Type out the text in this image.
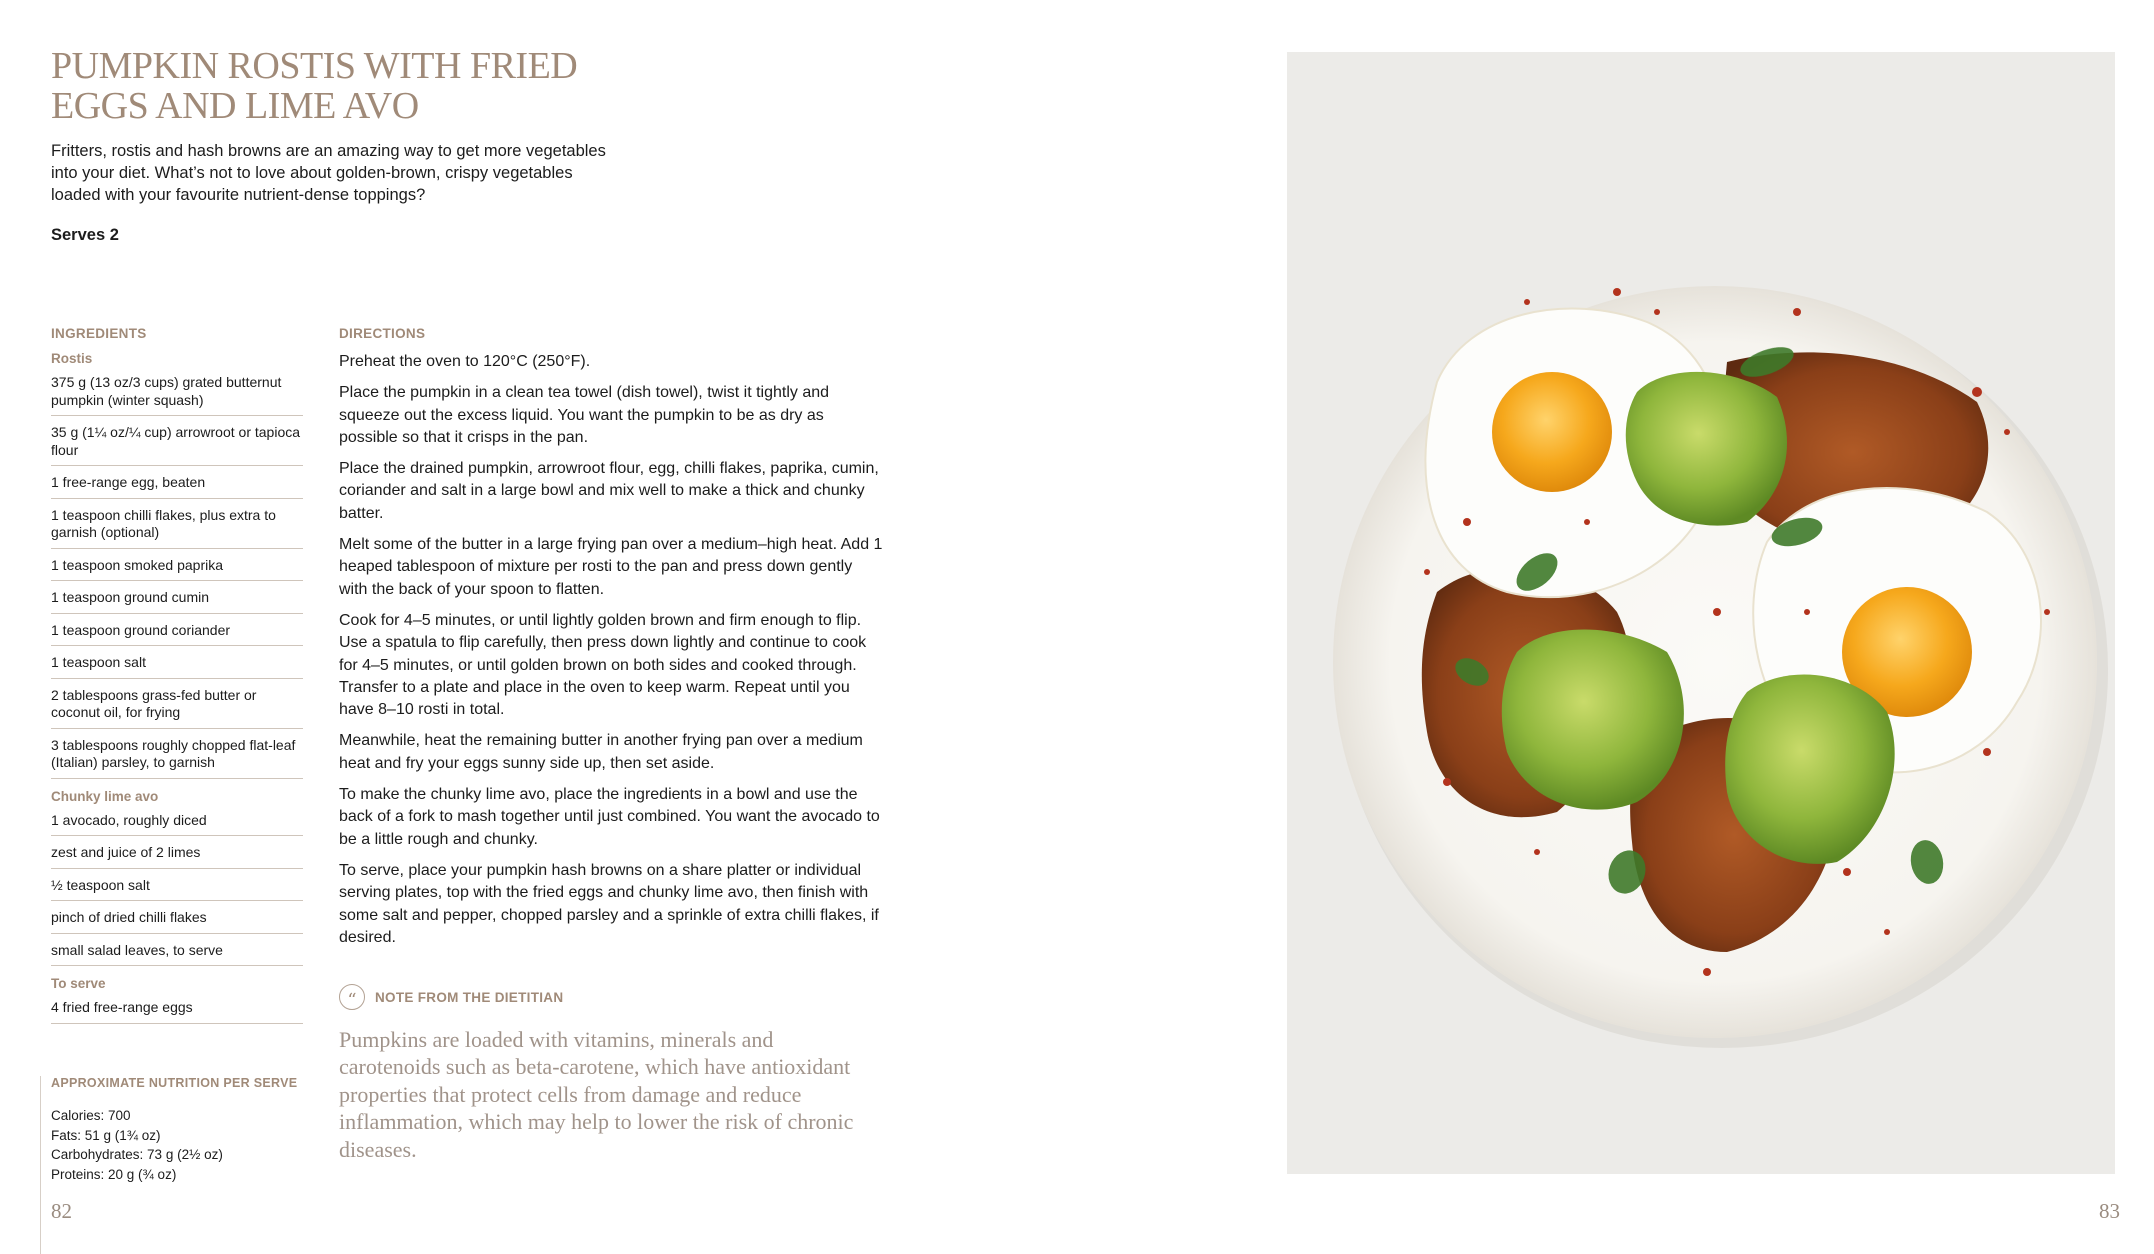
PUMPKIN ROSTIS WITH FRIED
EGGS AND LIME AVO

Fritters, rostis and hash browns are an amazing way to get more vegetables
into your diet. What’s not to love about golden-brown, crispy vegetables
loaded with your favourite nutrient-dense toppings?

Serves 2
INGREDIENTS
Rostis
375 g (13 oz/3 cups) grated butternut pumpkin (winter squash)
35 g (1¼ oz/¼ cup) arrowroot or tapioca flour
1 free-range egg, beaten
1 teaspoon chilli flakes, plus extra to garnish (optional)
1 teaspoon smoked paprika
1 teaspoon ground cumin
1 teaspoon ground coriander
1 teaspoon salt
2 tablespoons grass-fed butter or coconut oil, for frying
3 tablespoons roughly chopped flat-leaf (Italian) parsley, to garnish
Chunky lime avo
1 avocado, roughly diced
zest and juice of 2 limes
½ teaspoon salt
pinch of dried chilli flakes
small salad leaves, to serve
To serve
4 fried free-range eggs
DIRECTIONS
Preheat the oven to 120°C (250°F).
Place the pumpkin in a clean tea towel (dish towel), twist it tightly and squeeze out the excess liquid. You want the pumpkin to be as dry as possible so that it crisps in the pan.
Place the drained pumpkin, arrowroot flour, egg, chilli flakes, paprika, cumin, coriander and salt in a large bowl and mix well to make a thick and chunky batter.
Melt some of the butter in a large frying pan over a medium–high heat. Add 1 heaped tablespoon of mixture per rosti to the pan and press down gently with the back of your spoon to flatten.
Cook for 4–5 minutes, or until lightly golden brown and firm enough to flip. Use a spatula to flip carefully, then press down lightly and continue to cook for 4–5 minutes, or until golden brown on both sides and cooked through. Transfer to a plate and place in the oven to keep warm. Repeat until you have 8–10 rosti in total.
Meanwhile, heat the remaining butter in another frying pan over a medium heat and fry your eggs sunny side up, then set aside.
To make the chunky lime avo, place the ingredients in a bowl and use the back of a fork to mash together until just combined. You want the avocado to be a little rough and chunky.
To serve, place your pumpkin hash browns on a share platter or individual serving plates, top with the fried eggs and chunky lime avo, then finish with some salt and pepper, chopped parsley and a sprinkle of extra chilli flakes, if desired.
“	NOTE FROM THE DIETITIAN

Pumpkins are loaded with vitamins, minerals and carotenoids such as beta-carotene, which have antioxidant properties that protect cells from damage and reduce inflammation, which may help to lower the risk of chronic diseases.

APPROXIMATE NUTRITION PER SERVE
Calories: 700
Fats: 51 g (1¾ oz)
Carbohydrates: 73 g (2½ oz)
Proteins: 20 g (¾ oz)
82	83
